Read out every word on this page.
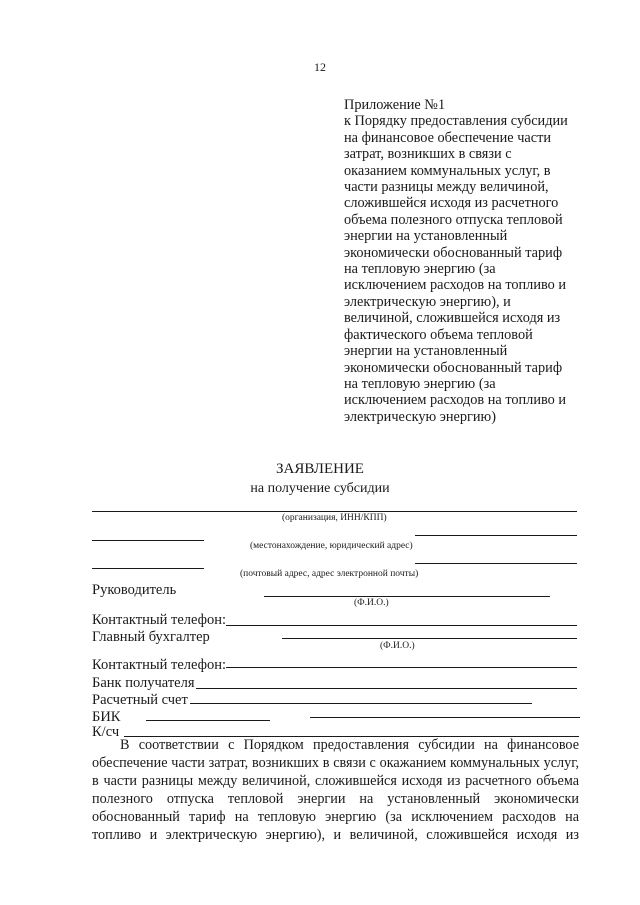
12
Приложение №1
к Порядку предоставления субсидии
на финансовое обеспечение части
затрат, возникших в связи с
оказанием коммунальных услуг, в
части разницы между величиной,
сложившейся исходя из расчетного
объема полезного отпуска тепловой
энергии на установленный
экономически обоснованный тариф
на тепловую энергию (за
исключением расходов на топливо и
электрическую энергию), и
величиной, сложившейся исходя из
фактического объема тепловой
энергии на установленный
экономически обоснованный тариф
на тепловую энергию (за
исключением расходов на топливо и
электрическую энергию)
ЗАЯВЛЕНИЕ
на получение субсидии
(организация, ИНН/КПП)
(местонахождение, юридический адрес)
(почтовый адрес, адрес электронной почты)
Руководитель
(Ф.И.О.)
Контактный телефон:
Главный бухгалтер
(Ф.И.О.)
Контактный телефон:
Банк получателя
Расчетный счет
БИК
К/сч
В соответствии с Порядком предоставления субсидии на финансовое
обеспечение части затрат, возникших в связи с окажанием коммунальных услуг,
в части разницы между величиной, сложившейся исходя из расчетного объема
полезного отпуска тепловой энергии на установленный экономически
обоснованный тариф на тепловую энергию (за исключением расходов на
топливо и электрическую энергию), и величиной, сложившейся исходя из
